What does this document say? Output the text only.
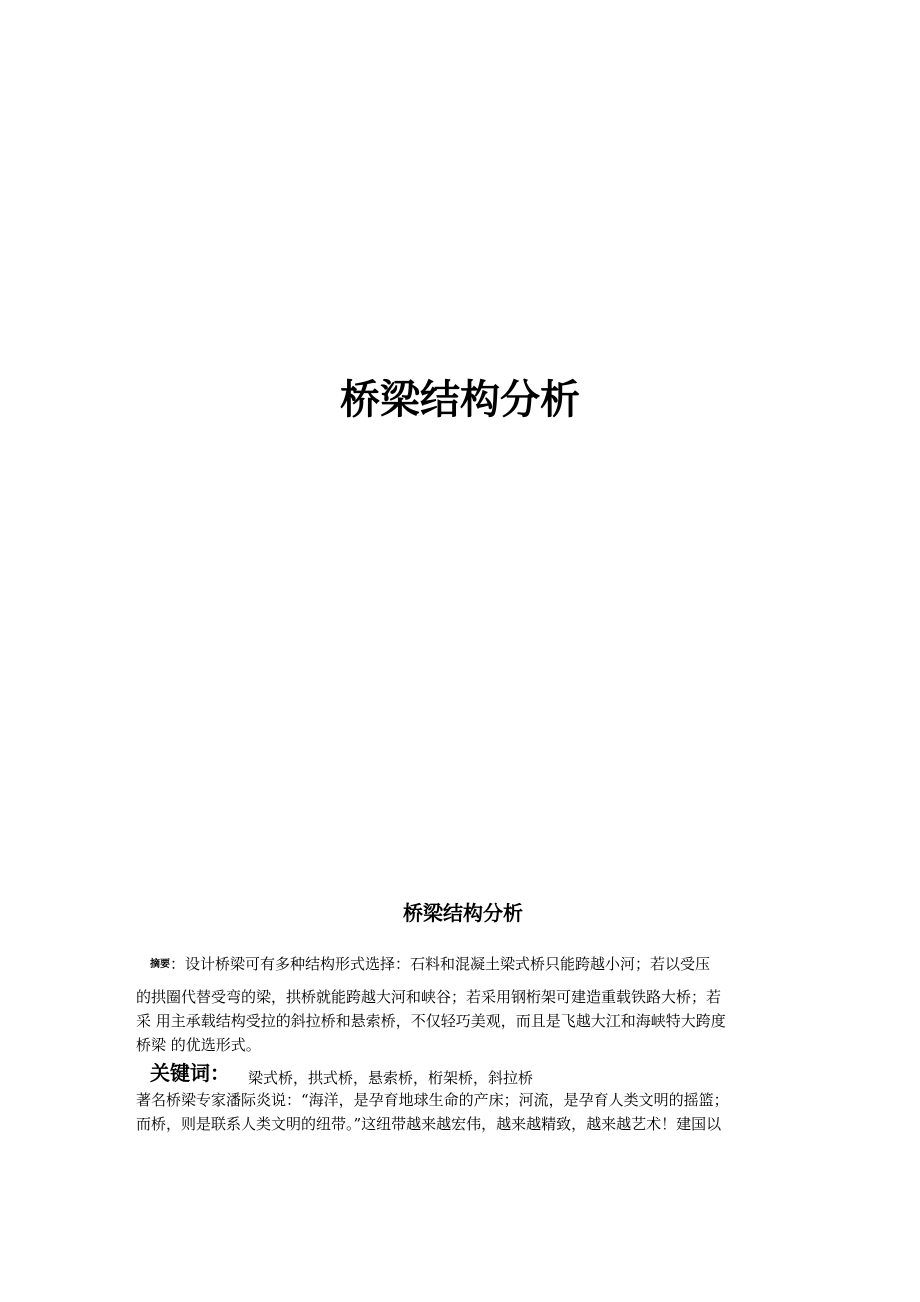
桥梁结构分析
桥梁结构分析

摘要：设计桥梁可有多种结构形式选择：石料和混凝土梁式桥只能跨越小河；若以受压

的拱圈代替受弯的梁，拱桥就能跨越大河和峡谷；若采用钢桁架可建造重载铁路大桥；若

采 用主承载结构受拉的斜拉桥和悬索桥，不仅轻巧美观，而且是飞越大江和海峡特大跨度

桥梁 的优选形式。

关键词： 梁式桥，拱式桥，悬索桥，桁架桥，斜拉桥

著名桥梁专家潘际炎说：“海洋，是孕育地球生命的产床；河流，是孕育人类文明的摇篮；

而桥，则是联系人类文明的纽带。”这纽带越来越宏伟，越来越精致，越来越艺术！建国以
